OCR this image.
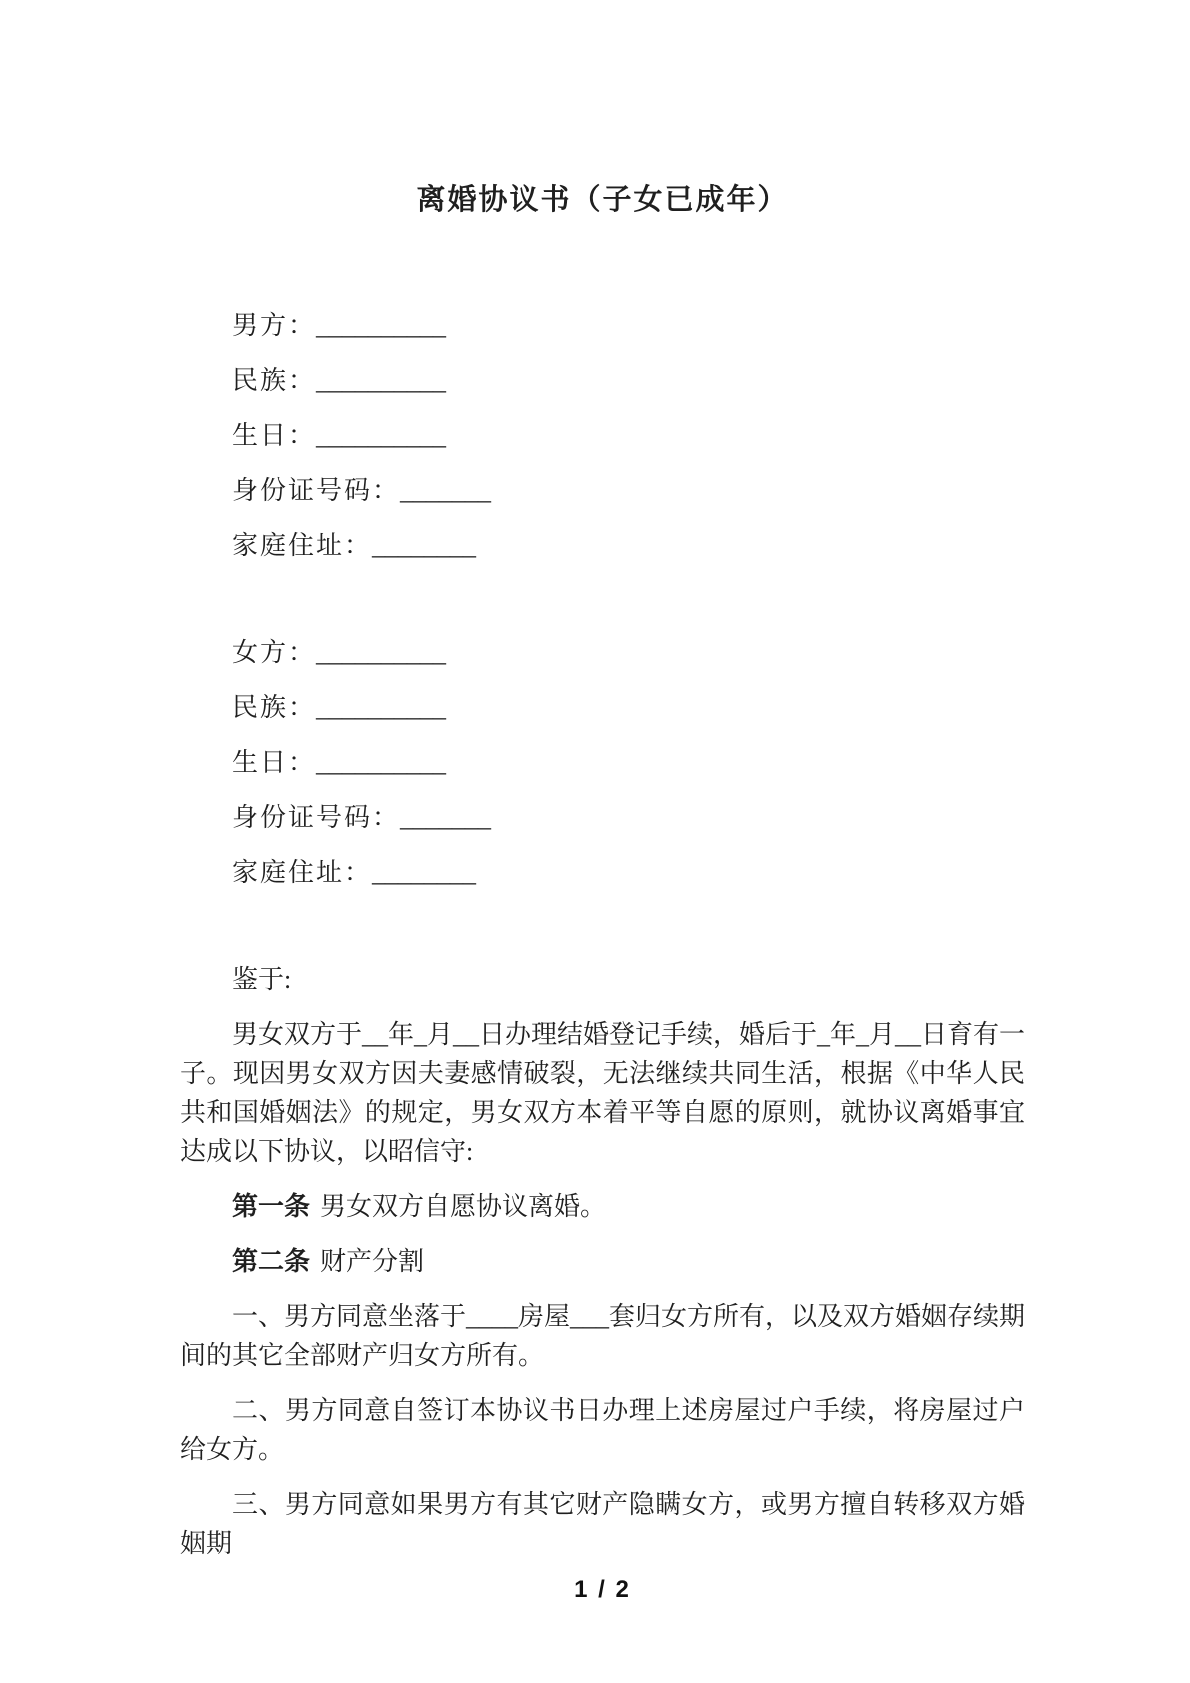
离婚协议书（子女已成年）
男方：__________
民族：__________
生日：__________
身份证号码：_______
家庭住址：________
女方：__________
民族：__________
生日：__________
身份证号码：_______
家庭住址：________

鉴于:

男女双方于__年_月__日办理结婚登记手续，婚后于_年_月__日育有一子。现因男女双方因夫妻感情破裂，无法继续共同生活，根据《中华人民共和国婚姻法》的规定，男女双方本着平等自愿的原则，就协议离婚事宜达成以下协议，以昭信守:

第一条 男女双方自愿协议离婚。

第二条 财产分割

一、男方同意坐落于____房屋___套归女方所有，以及双方婚姻存续期间的其它全部财产归女方所有。

二、男方同意自签订本协议书日办理上述房屋过户手续，将房屋过户给女方。

三、男方同意如果男方有其它财产隐瞒女方，或男方擅自转移双方婚姻期

1 / 2
